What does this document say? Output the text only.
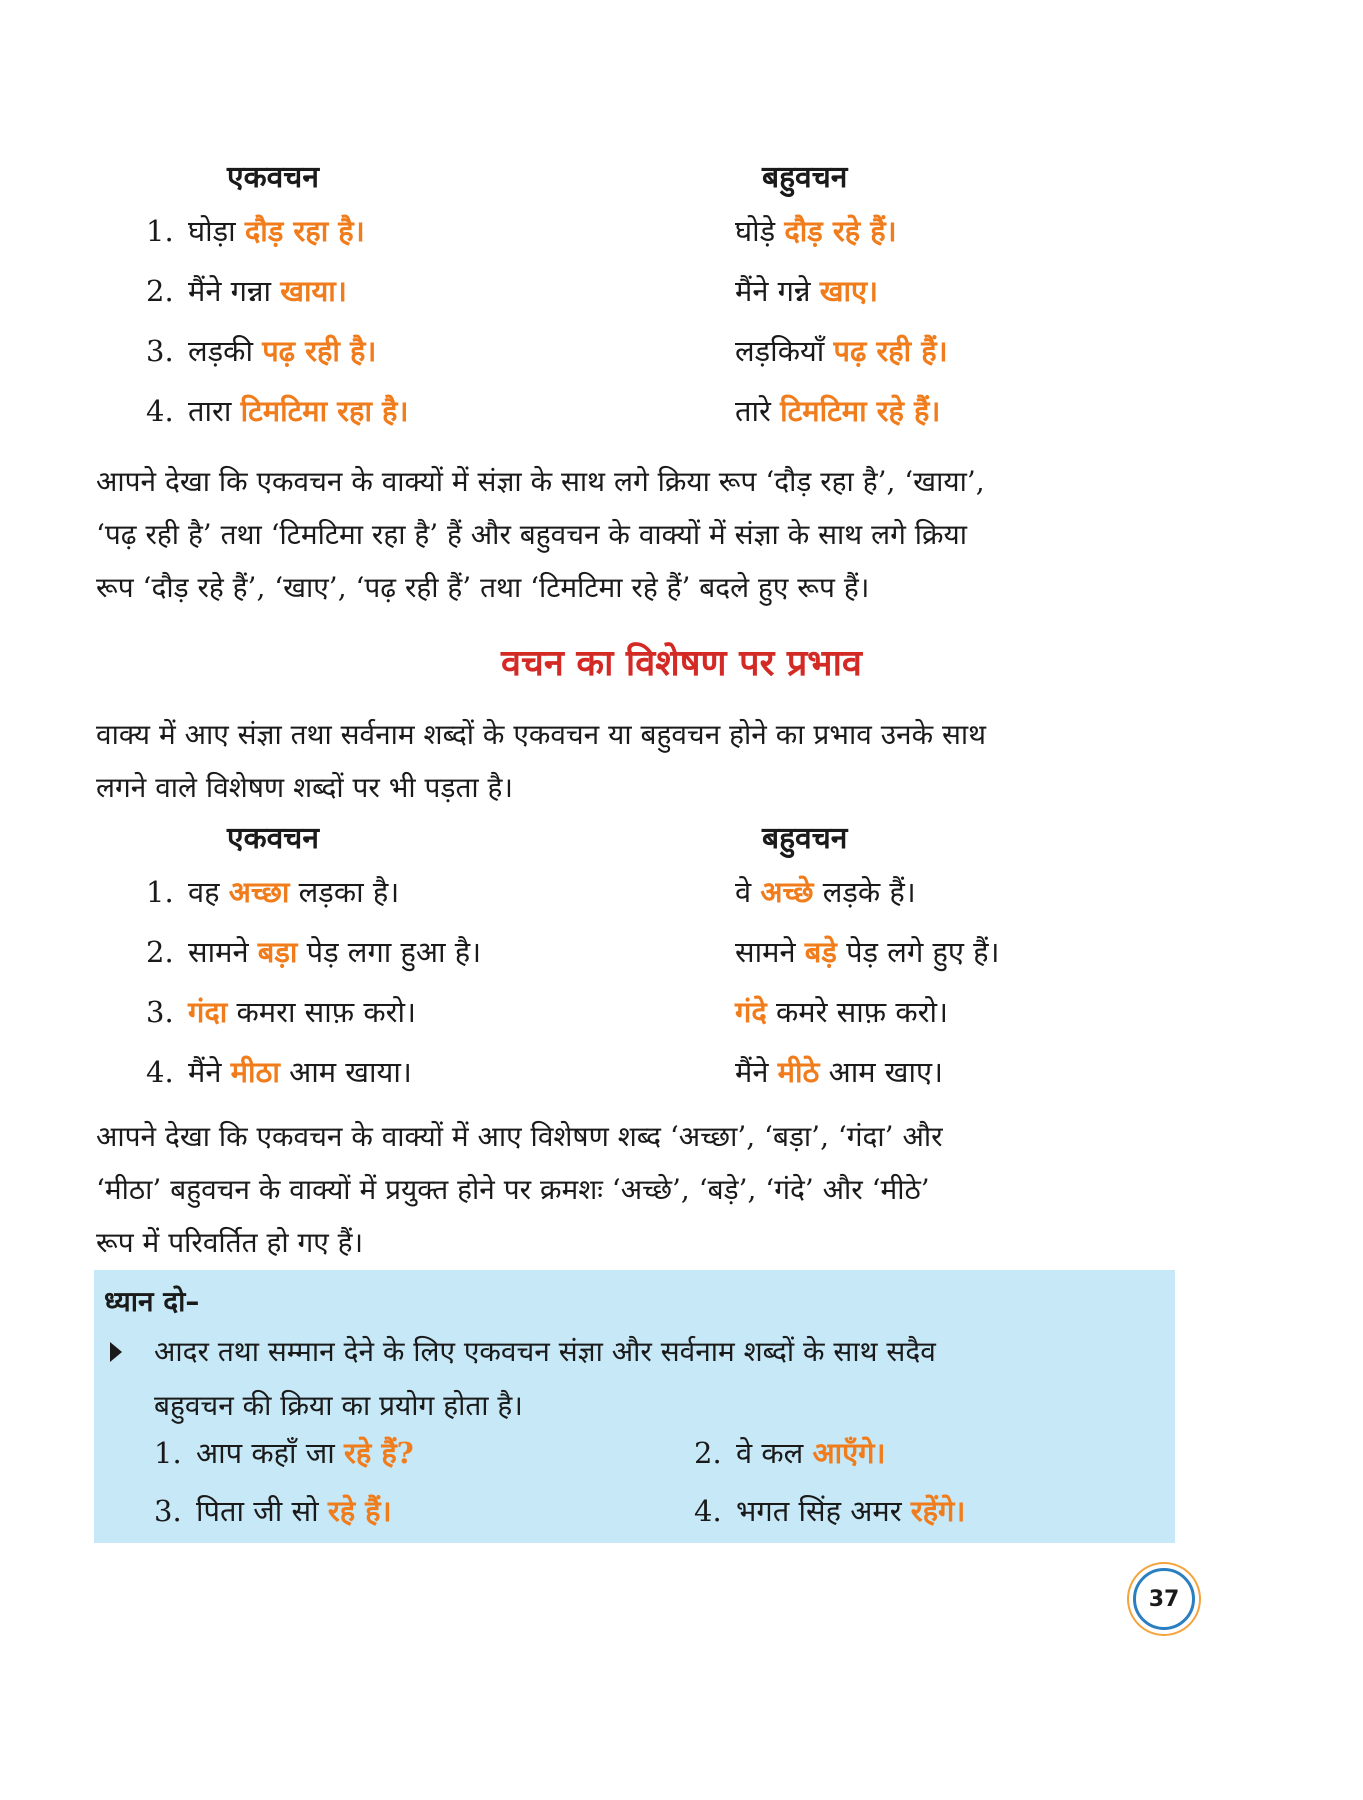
एकवचन	बहुवचन
1. घोड़ा दौड़ रहा है।	घोड़े दौड़ रहे हैं।
2. मैंने गन्ना खाया।	मैंने गन्ने खाए।
3. लड़की पढ़ रही है।	लड़कियाँ पढ़ रही हैं।
4. तारा टिमटिमा रहा है।	तारे टिमटिमा रहे हैं।
आपने देखा कि एकवचन के वाक्यों में संज्ञा के साथ लगे क्रिया रूप ‘दौड़ रहा है’, ‘खाया’,
‘पढ़ रही है’ तथा ‘टिमटिमा रहा है’ हैं और बहुवचन के वाक्यों में संज्ञा के साथ लगे क्रिया
रूप ‘दौड़ रहे हैं’, ‘खाए’, ‘पढ़ रही हैं’ तथा ‘टिमटिमा रहे हैं’ बदले हुए रूप हैं।
वचन का विशेषण पर प्रभाव
वाक्य में आए संज्ञा तथा सर्वनाम शब्दों के एकवचन या बहुवचन होने का प्रभाव उनके साथ
लगने वाले विशेषण शब्दों पर भी पड़ता है।
एकवचन	बहुवचन
1. वह अच्छा लड़का है।	वे अच्छे लड़के हैं।
2. सामने बड़ा पेड़ लगा हुआ है।	सामने बड़े पेड़ लगे हुए हैं।
3. गंदा कमरा साफ़ करो।	गंदे कमरे साफ़ करो।
4. मैंने मीठा आम खाया।	मैंने मीठे आम खाए।
आपने देखा कि एकवचन के वाक्यों में आए विशेषण शब्द ‘अच्छा’, ‘बड़ा’, ‘गंदा’ और
‘मीठा’ बहुवचन के वाक्यों में प्रयुक्त होने पर क्रमशः ‘अच्छे’, ‘बड़े’, ‘गंदे’ और ‘मीठे’
रूप में परिवर्तित हो गए हैं।
ध्यान दो–
आदर तथा सम्मान देने के लिए एकवचन संज्ञा और सर्वनाम शब्दों के साथ सदैव
बहुवचन की क्रिया का प्रयोग होता है।
1. आप कहाँ जा रहे हैं?	2. वे कल आएँगे।
3. पिता जी सो रहे हैं।	4. भगत सिंह अमर रहेंगे।
37
